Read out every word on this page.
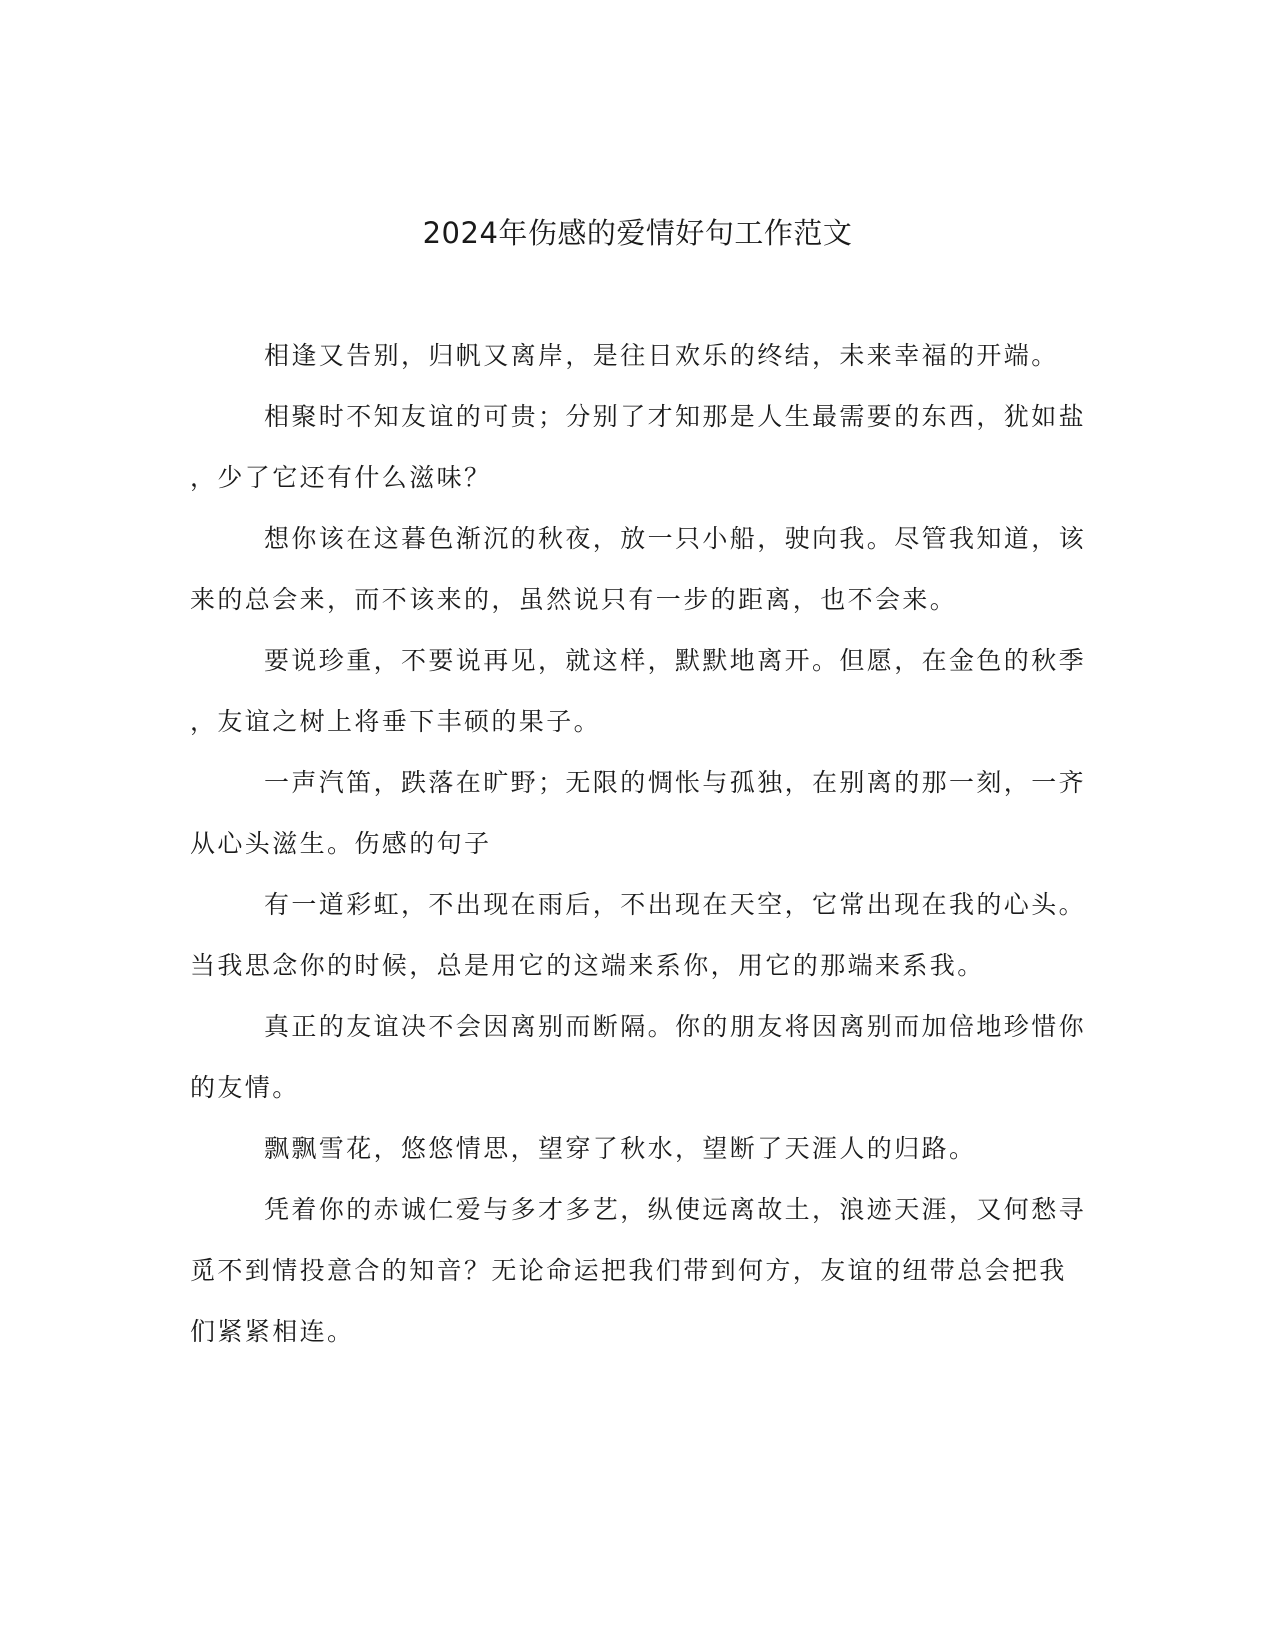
2024年伤感的爱情好句工作范文

相逢又告别，归帆又离岸，是往日欢乐的终结，未来幸福的开端。

相聚时不知友谊的可贵；分别了才知那是人生最需要的东西，犹如盐，少了它还有什么滋味？

想你该在这暮色渐沉的秋夜，放一只小船，驶向我。尽管我知道，该来的总会来，而不该来的，虽然说只有一步的距离，也不会来。

要说珍重，不要说再见，就这样，默默地离开。但愿，在金色的秋季，友谊之树上将垂下丰硕的果子。

一声汽笛，跌落在旷野；无限的惆怅与孤独，在别离的那一刻，一齐从心头滋生。伤感的句子

有一道彩虹，不出现在雨后，不出现在天空，它常出现在我的心头。当我思念你的时候，总是用它的这端来系你，用它的那端来系我。

真正的友谊决不会因离别而断隔。你的朋友将因离别而加倍地珍惜你的友情。

飘飘雪花，悠悠情思，望穿了秋水，望断了天涯人的归路。

凭着你的赤诚仁爱与多才多艺，纵使远离故土，浪迹天涯，又何愁寻觅不到情投意合的知音？无论命运把我们带到何方，友谊的纽带总会把我们紧紧相连。
